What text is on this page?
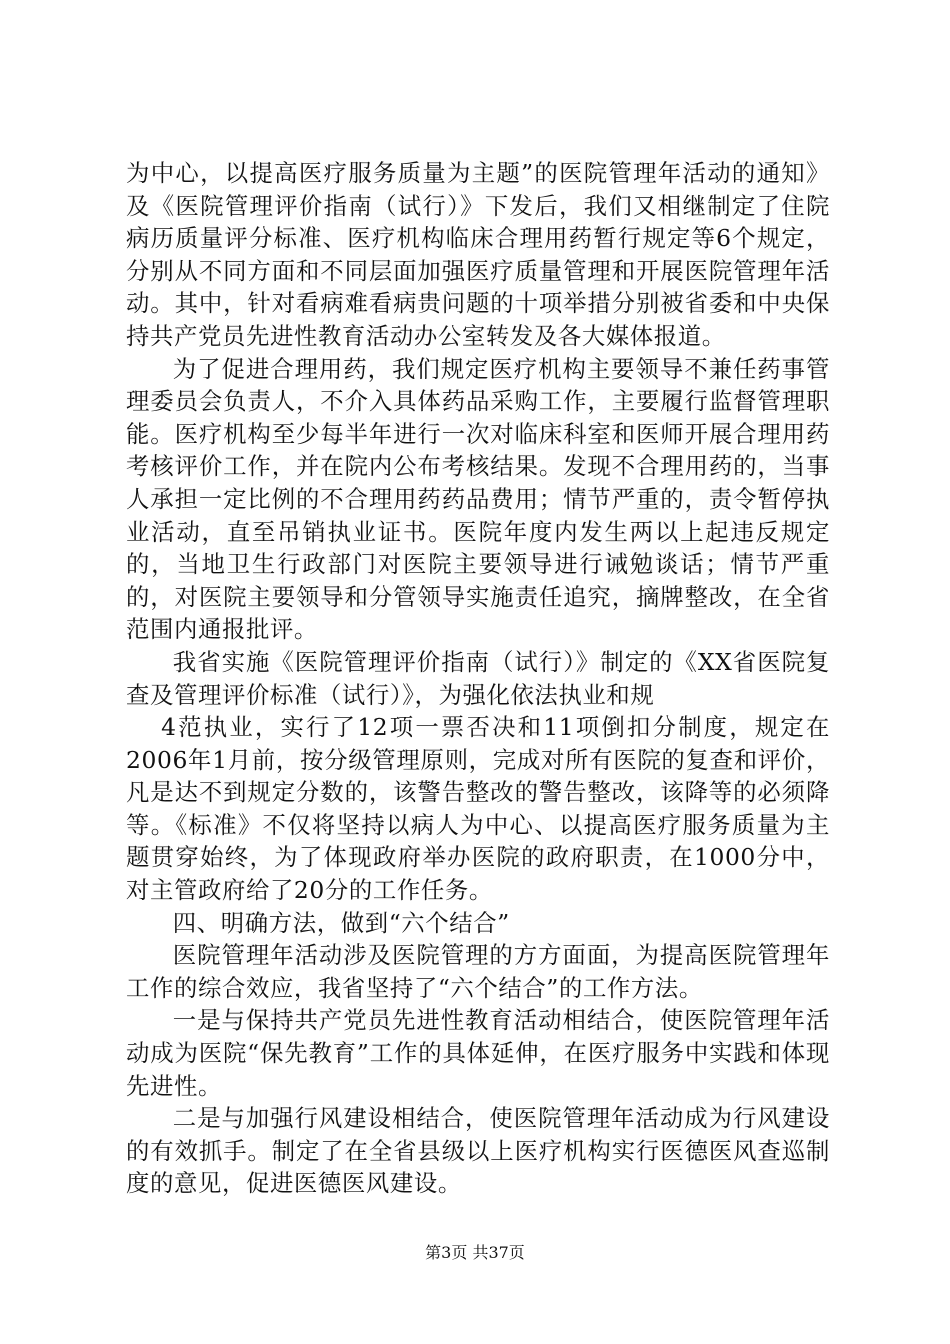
为中心，以提高医疗服务质量为主题”的医院管理年活动的通知》及《医院管理评价指南（试行）》下发后，我们又相继制定了住院病历质量评分标准、医疗机构临床合理用药暂行规定等6个规定，分别从不同方面和不同层面加强医疗质量管理和开展医院管理年活动。其中，针对看病难看病贵问题的十项举措分别被省委和中央保持共产党员先进性教育活动办公室转发及各大媒体报道。

为了促进合理用药，我们规定医疗机构主要领导不兼任药事管理委员会负责人，不介入具体药品采购工作，主要履行监督管理职能。医疗机构至少每半年进行一次对临床科室和医师开展合理用药考核评价工作，并在院内公布考核结果。发现不合理用药的，当事人承担一定比例的不合理用药药品费用；情节严重的，责令暂停执业活动，直至吊销执业证书。医院年度内发生两以上起违反规定的，当地卫生行政部门对医院主要领导进行诫勉谈话；情节严重的，对医院主要领导和分管领导实施责任追究，摘牌整改，在全省范围内通报批评。

我省实施《医院管理评价指南（试行）》制定的《XX省医院复查及管理评价标准（试行）》，为强化依法执业和规

4范执业，实行了12项一票否决和11项倒扣分制度，规定在2006年1月前，按分级管理原则，完成对所有医院的复查和评价，凡是达不到规定分数的，该警告整改的警告整改，该降等的必须降等。《标准》不仅将坚持以病人为中心、以提高医疗服务质量为主题贯穿始终，为了体现政府举办医院的政府职责，在1000分中，对主管政府给了20分的工作任务。

四、明确方法，做到“六个结合”

医院管理年活动涉及医院管理的方方面面，为提高医院管理年工作的综合效应，我省坚持了“六个结合”的工作方法。

一是与保持共产党员先进性教育活动相结合，使医院管理年活动成为医院“保先教育”工作的具体延伸，在医疗服务中实践和体现先进性。

二是与加强行风建设相结合，使医院管理年活动成为行风建设的有效抓手。制定了在全省县级以上医疗机构实行医德医风查巡制度的意见，促进医德医风建设。

第3页 共37页
